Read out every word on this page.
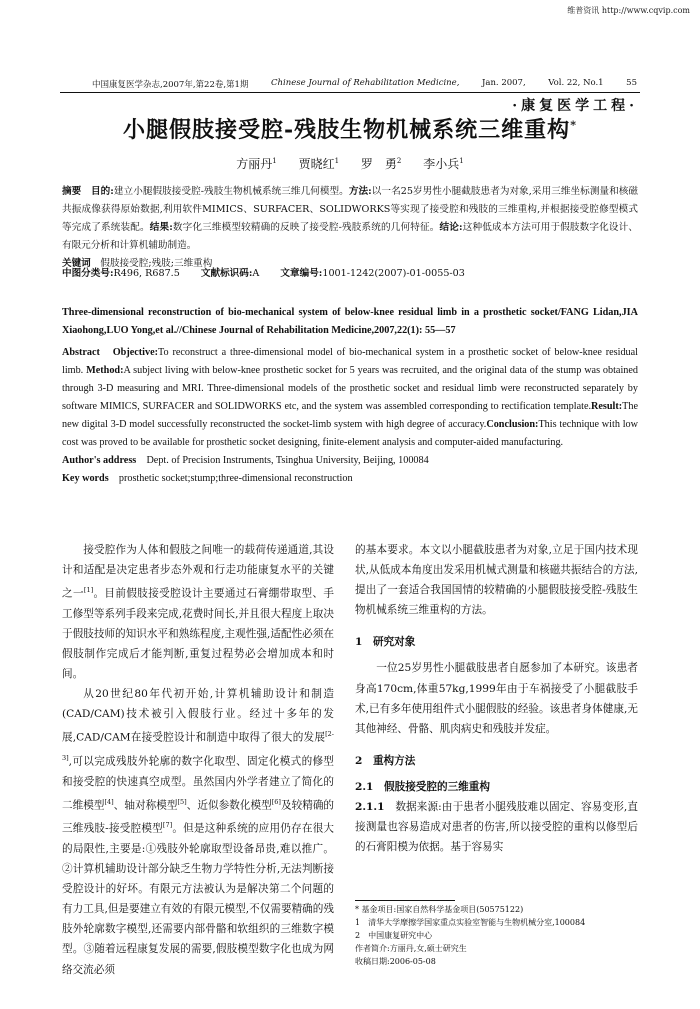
维普资讯 http://www.cqvip.com
中国康复医学杂志,2007年,第22卷,第1期	Chinese Journal of Rehabilitation Medicine,	Jan. 2007,	Vol. 22, No.1	55
·康复医学工程·
小腿假肢接受腔-残肢生物机械系统三维重构*
方丽丹$^1$ 贾晓红$^1$ 罗　勇$^2$ 李小兵$^1$
摘要　 目的:建立小腿假肢接受腔-残肢生物机械系统三维几何模型。方法:以一名25岁男性小腿截肢患者为对象,采用三维坐标测量和核磁共振成像获得原始数据,利用软件MIMICS、SURFACER、SOLIDWORKS等实现了接受腔和残肢的三维重构,并根据接受腔修型模式等完成了系统装配。结果:数字化三维模型较精确的反映了接受腔-残肢系统的几何特征。结论:这种低成本方法可用于假肢数字化设计、有限元分析和计算机辅助制造。
关键词　 假肢接受腔;残肢;三维重构
中图分类号:R496, R687.5 文献标识码:A 文章编号:1001-1242(2007)-01-0055-03
Three-dimensional reconstruction of bio-mechanical system of below-knee residual limb in a prosthetic socket/FANG Lidan,JIA Xiaohong,LUO Yong,et al.//Chinese Journal of Rehabilitation Medicine,2007,22(1): 55—57
Abstract　 Objective:To reconstruct a three-dimensional model of bio-mechanical system in a prosthetic socket of below-knee residual limb. Method:A subject living with below-knee prosthetic socket for 5 years was recruited, and the original data of the stump was obtained through 3-D measuring and MRI. Three-dimensional models of the prosthetic socket and residual limb were reconstructed separately by software MIMICS, SURFACER and SOLIDWORKS etc, and the system was assembled corresponding to rectification template.Result:The new digital 3-D model successfully reconstructed the socket-limb system with high degree of accuracy.Conclusion:This technique with low cost was proved to be available for prosthetic socket designing, finite-element analysis and computer-aided manufacturing.
Author's address　 Dept. of Precision Instruments, Tsinghua University, Beijing, 100084
Key words　 prosthetic socket;stump;three-dimensional reconstruction

接受腔作为人体和假肢之间唯一的载荷传递通道,其设计和适配是决定患者步态外观和行走功能康复水平的关键之一[1]。目前假肢接受腔设计主要通过石膏绷带取型、手工修型等系列手段来完成,花费时间长,并且很大程度上取决于假肢技师的知识水平和熟练程度,主观性强,适配性必须在假肢制作完成后才能判断,重复过程势必会增加成本和时间。

从20世纪80年代初开始,计算机辅助设计和制造(CAD/CAM)技术被引入假肢行业。经过十多年的发展,CAD/CAM在接受腔设计和制造中取得了很大的发展[2-3],可以完成残肢外轮廓的数字化取型、固定化模式的修型和接受腔的快速真空成型。虽然国内外学者建立了简化的二维模型[4]、轴对称模型[5]、近似参数化模型[6]及较精确的三维残肢-接受腔模型[7]。但是这种系统的应用仍存在很大的局限性,主要是:①残肢外轮廓取型设备昂贵,难以推广。②计算机辅助设计部分缺乏生物力学特性分析,无法判断接受腔设计的好坏。有限元方法被认为是解决第二个问题的有力工具,但是要建立有效的有限元模型,不仅需要精确的残肢外轮廓数字模型,还需要内部骨骼和软组织的三维数字模型。③随着远程康复发展的需要,假肢模型数字化也成为网络交流必须

的基本要求。本文以小腿截肢患者为对象,立足于国内技术现状,从低成本角度出发采用机械式测量和核磁共振结合的方法,提出了一套适合我国国情的较精确的小腿假肢接受腔-残肢生物机械系统三维重构的方法。

1　研究对象

一位25岁男性小腿截肢患者自愿参加了本研究。该患者身高170cm,体重57kg,1999年由于车祸接受了小腿截肢手术,已有多年使用组件式小腿假肢的经验。该患者身体健康,无其他神经、骨骼、肌肉病史和残肢并发症。

2　重构方法
2.1　假肢接受腔的三维重构

2.1.1　 数据来源:由于患者小腿残肢难以固定、容易变形,直接测量也容易造成对患者的伤害,所以接受腔的重构以修型后的石膏阳模为依据。基于容易实

* 基金项目:国家自然科学基金项目(50575122)
1　清华大学摩擦学国家重点实验室智能与生物机械分室,100084
2　中国康复研究中心
作者简介:方丽丹,女,硕士研究生
收稿日期:2006-05-08
